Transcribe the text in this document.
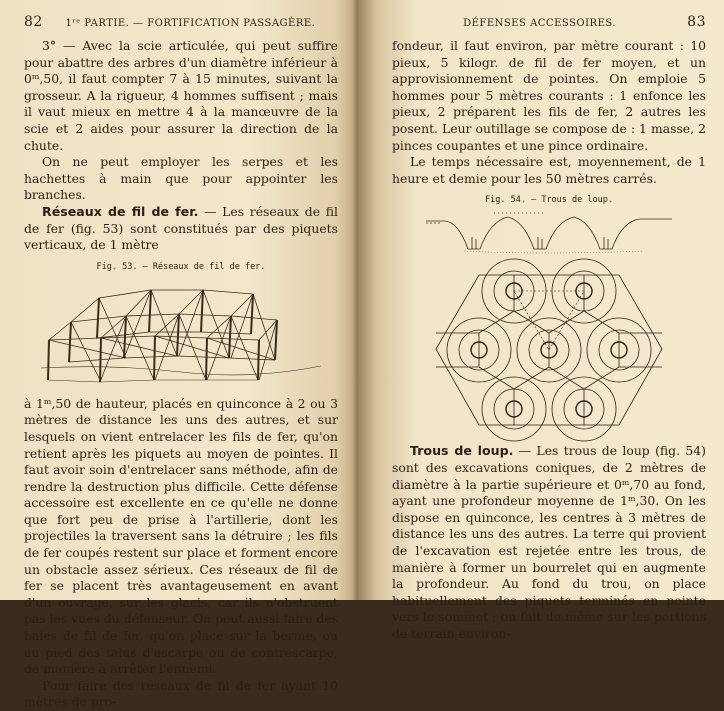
82	1ʳᵉ PARTIE. — FORTIFICATION PASSAGÈRE.

3° — Avec la scie articulée, qui peut suffire pour abattre des arbres d'un diamètre inférieur à 0ᵐ,50, il faut compter 7 à 15 minutes, suivant la grosseur. A la rigueur, 4 hommes suffisent ; mais il vaut mieux en mettre 4 à la manœuvre de la scie et 2 aides pour assurer la direction de la chute.

On ne peut employer les serpes et les hachettes à main que pour appointer les branches.

Réseaux de fil de fer. — Les réseaux de fil de fer (fig. 53) sont constitués par des piquets verticaux, de 1 mètre

Fig. 53. — Réseaux de fil de fer.

à 1ᵐ,50 de hauteur, placés en quinconce à 2 ou 3 mètres de distance les uns des autres, et sur lesquels on vient entrelacer les fils de fer, qu'on retient après les piquets au moyen de pointes. Il faut avoir soin d'entrelacer sans méthode, afin de rendre la destruction plus difficile. Cette défense accessoire est excellente en ce qu'elle ne donne que fort peu de prise à l'artillerie, dont les projectiles la traversent sans la détruire ; les fils de fer coupés restent sur place et forment encore un obstacle assez sérieux. Ces réseaux de fil de fer se placent très avantageusement en avant d'un ouvrage, sur les glacis, car ils n'obstruent pas les vues du défenseur. On peut aussi faire des haies de fil de fer, qu'on place sur la berme, ou au pied des talus d'escarpe ou de contrescarpe, de manière à arrêter l'ennemi.

Pour faire des réseaux de fil de fer ayant 10 mètres de pro-

DÉFENSES ACCESSOIRES.	83

fondeur, il faut environ, par mètre courant : 10 pieux, 5 kilogr. de fil de fer moyen, et un approvisionnement de pointes. On emploie 5 hommes pour 5 mètres courants : 1 enfonce les pieux, 2 préparent les fils de fer, 2 autres les posent. Leur outillage se compose de : 1 masse, 2 pinces coupantes et une pince ordinaire.

Le temps nécessaire est, moyennement, de 1 heure et demie pour les 50 mètres carrés.

Fig. 54. — Trous de loup.

Trous de loup. — Les trous de loup (fig. 54) sont des excavations coniques, de 2 mètres de diamètre à la partie supérieure et 0ᵐ,70 au fond, ayant une profondeur moyenne de 1ᵐ,30. On les dispose en quinconce, les centres à 3 mètres de distance les uns des autres. La terre qui provient de l'excavation est rejetée entre les trous, de manière à former un bourrelet qui en augmente la profondeur. Au fond du trou, on place habituellement des piquets terminés en pointe vers le sommet ; on fait de même sur les portions de terrain environ-
